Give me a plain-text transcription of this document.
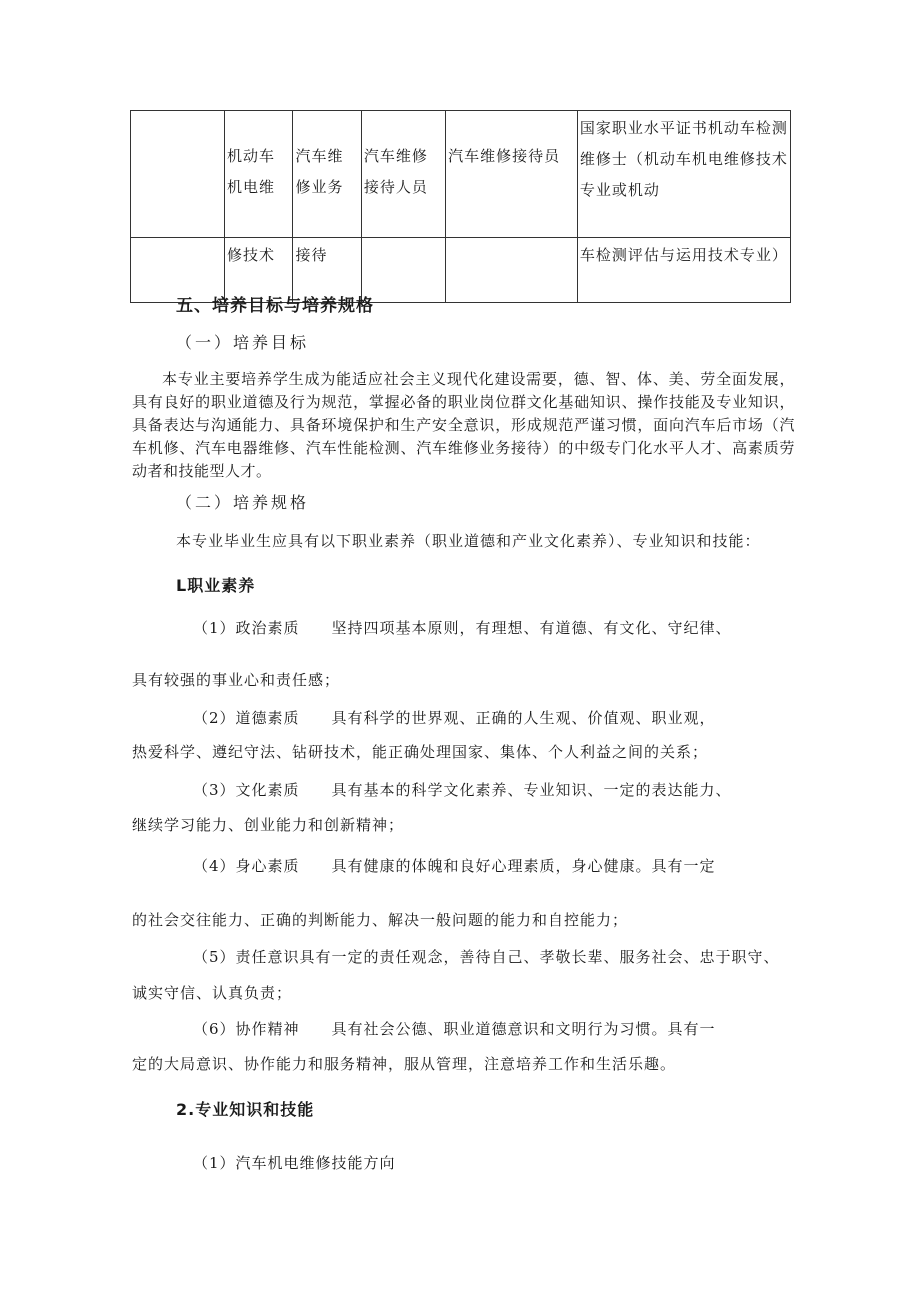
	机动车机电维	汽车维修业务	汽车维修接待人员	汽车维修接待员	国家职业水平证书机动车检测维修士（机动车机电维修技术专业或机动
	修技术	接待			车检测评估与运用技术专业）
五、培养目标与培养规格
（一）培养目标
本专业主要培养学生成为能适应社会主义现代化建设需要，德、智、体、美、劳全面发展，具有良好的职业道德及行为规范，掌握必备的职业岗位群文化基础知识、操作技能及专业知识，具备表达与沟通能力、具备环境保护和生产安全意识，形成规范严谨习惯，面向汽车后市场（汽车机修、汽车电器维修、汽车性能检测、汽车维修业务接待）的中级专门化水平人才、高素质劳动者和技能型人才。
（二）培养规格
本专业毕业生应具有以下职业素养（职业道德和产业文化素养）、专业知识和技能：
L职业素养
（1）政治素质　　坚持四项基本原则，有理想、有道德、有文化、守纪律、
具有较强的事业心和责任感；
（2）道德素质　　具有科学的世界观、正确的人生观、价值观、职业观，
热爱科学、遵纪守法、钻研技术，能正确处理国家、集体、个人利益之间的关系；
（3）文化素质　　具有基本的科学文化素养、专业知识、一定的表达能力、
继续学习能力、创业能力和创新精神；
（4）身心素质　　具有健康的体魄和良好心理素质，身心健康。具有一定
的社会交往能力、正确的判断能力、解决一般问题的能力和自控能力；
（5）责任意识具有一定的责任观念，善待自己、孝敬长辈、服务社会、忠于职守、
诚实守信、认真负责；
（6）协作精神　　具有社会公德、职业道德意识和文明行为习惯。具有一
定的大局意识、协作能力和服务精神，服从管理，注意培养工作和生活乐趣。
2.专业知识和技能
（1）汽车机电维修技能方向
